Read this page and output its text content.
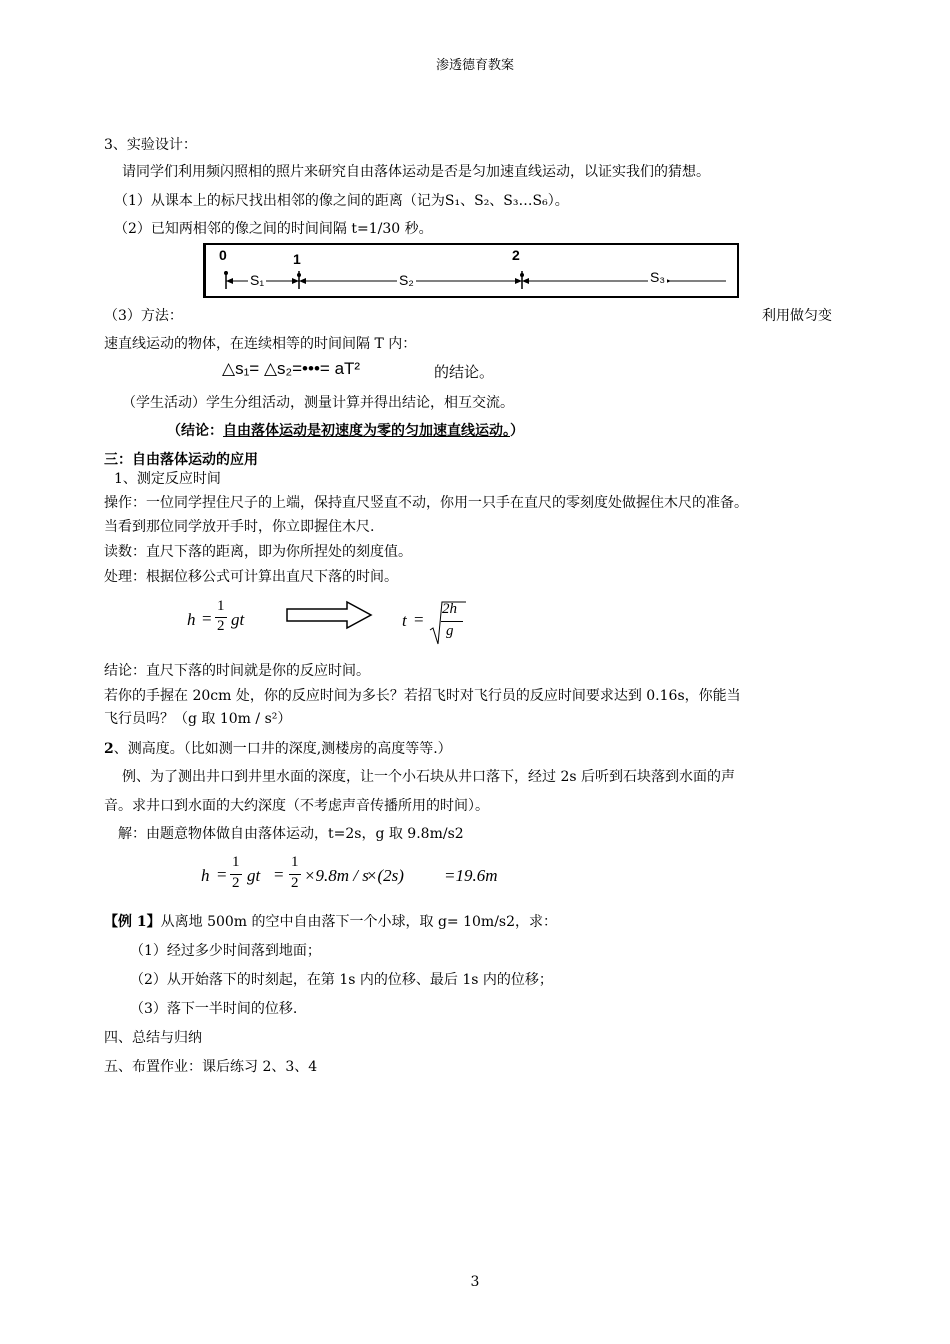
渗透德育教案
3、实验设计：
请同学们利用频闪照相的照片来研究自由落体运动是否是匀加速直线运动，以证实我们的猜想。
（1）从课本上的标尺找出相邻的像之间的距离（记为S₁、S₂、S₃…S₆）。
（2）已知两相邻的像之间的时间间隔 t=1/30 秒。
0	1	2
S₁	S₂	S₃
（3）方法：	利用做匀变
速直线运动的物体，在连续相等的时间间隔 T 内：
△s₁= △s₂=•••= aT²	的结论。
（学生活动）学生分组活动，测量计算并得出结论，相互交流。
（结论：自由落体运动是初速度为零的匀加速直线运动。）
三：自由落体运动的应用
1、测定反应时间
操作：一位同学捏住尺子的上端，保持直尺竖直不动，你用一只手在直尺的零刻度处做握住木尺的准备。
当看到那位同学放开手时，你立即握住木尺.
读数：直尺下落的距离，即为你所捏处的刻度值。
处理：根据位移公式可计算出直尺下落的时间。
h =
1
2 gt	t =
2h
g
结论：直尺下落的时间就是你的反应时间。
若你的手握在 20cm 处，你的反应时间为多长？若招飞时对飞行员的反应时间要求达到 0.16s，你能当
飞行员吗？（g 取 10m / s²）
2、测高度。（比如测一口井的深度,测楼房的高度等等.）
例、为了测出井口到井里水面的深度，让一个小石块从井口落下，经过 2s 后听到石块落到水面的声
音。求井口到水面的大约深度（不考虑声音传播所用的时间）。
解：由题意物体做自由落体运动，t=2s，g 取 9.8m/s2
h =
1
2 gt =
1
2 ×9.8m / s
×(2s) =19.6m
【例 1】从离地 500m 的空中自由落下一个小球，取 g= 10m/s2，求：
（1）经过多少时间落到地面；
（2）从开始落下的时刻起，在第 1s 内的位移、最后 1s 内的位移；
（3）落下一半时间的位移.
四、总结与归纳
五、布置作业：课后练习 2、3、4
3
